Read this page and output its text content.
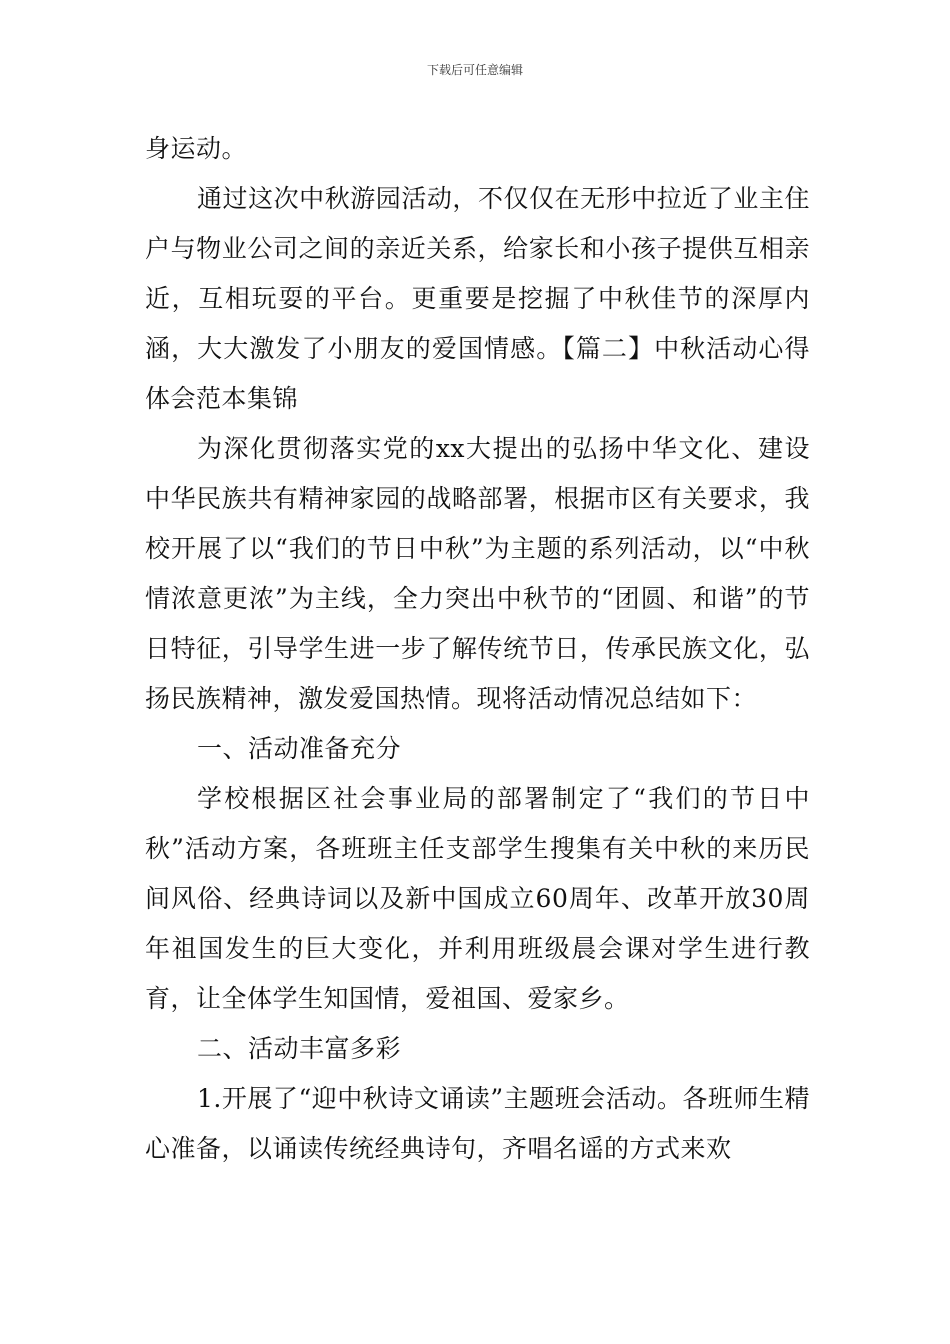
下载后可任意编辑

身运动。

通过这次中秋游园活动，不仅仅在无形中拉近了业主住户与物业公司之间的亲近关系，给家长和小孩子提供互相亲近，互相玩耍的平台。更重要是挖掘了中秋佳节的深厚内涵，大大激发了小朋友的爱国情感。【篇二】中秋活动心得体会范本集锦

为深化贯彻落实党的xx大提出的弘扬中华文化、建设中华民族共有精神家园的战略部署，根据市区有关要求，我校开展了以“我们的节日中秋”为主题的系列活动，以“中秋情浓意更浓”为主线，全力突出中秋节的“团圆、和谐”的节日特征，引导学生进一步了解传统节日，传承民族文化，弘扬民族精神，激发爱国热情。现将活动情况总结如下：

一、活动准备充分

学校根据区社会事业局的部署制定了“我们的节日中秋”活动方案，各班班主任支部学生搜集有关中秋的来历民间风俗、经典诗词以及新中国成立60周年、改革开放30周年祖国发生的巨大变化，并利用班级晨会课对学生进行教育，让全体学生知国情，爱祖国、爱家乡。

二、活动丰富多彩

1.开展了“迎中秋诗文诵读”主题班会活动。各班师生精心准备，以诵读传统经典诗句，齐唱名谣的方式来欢
